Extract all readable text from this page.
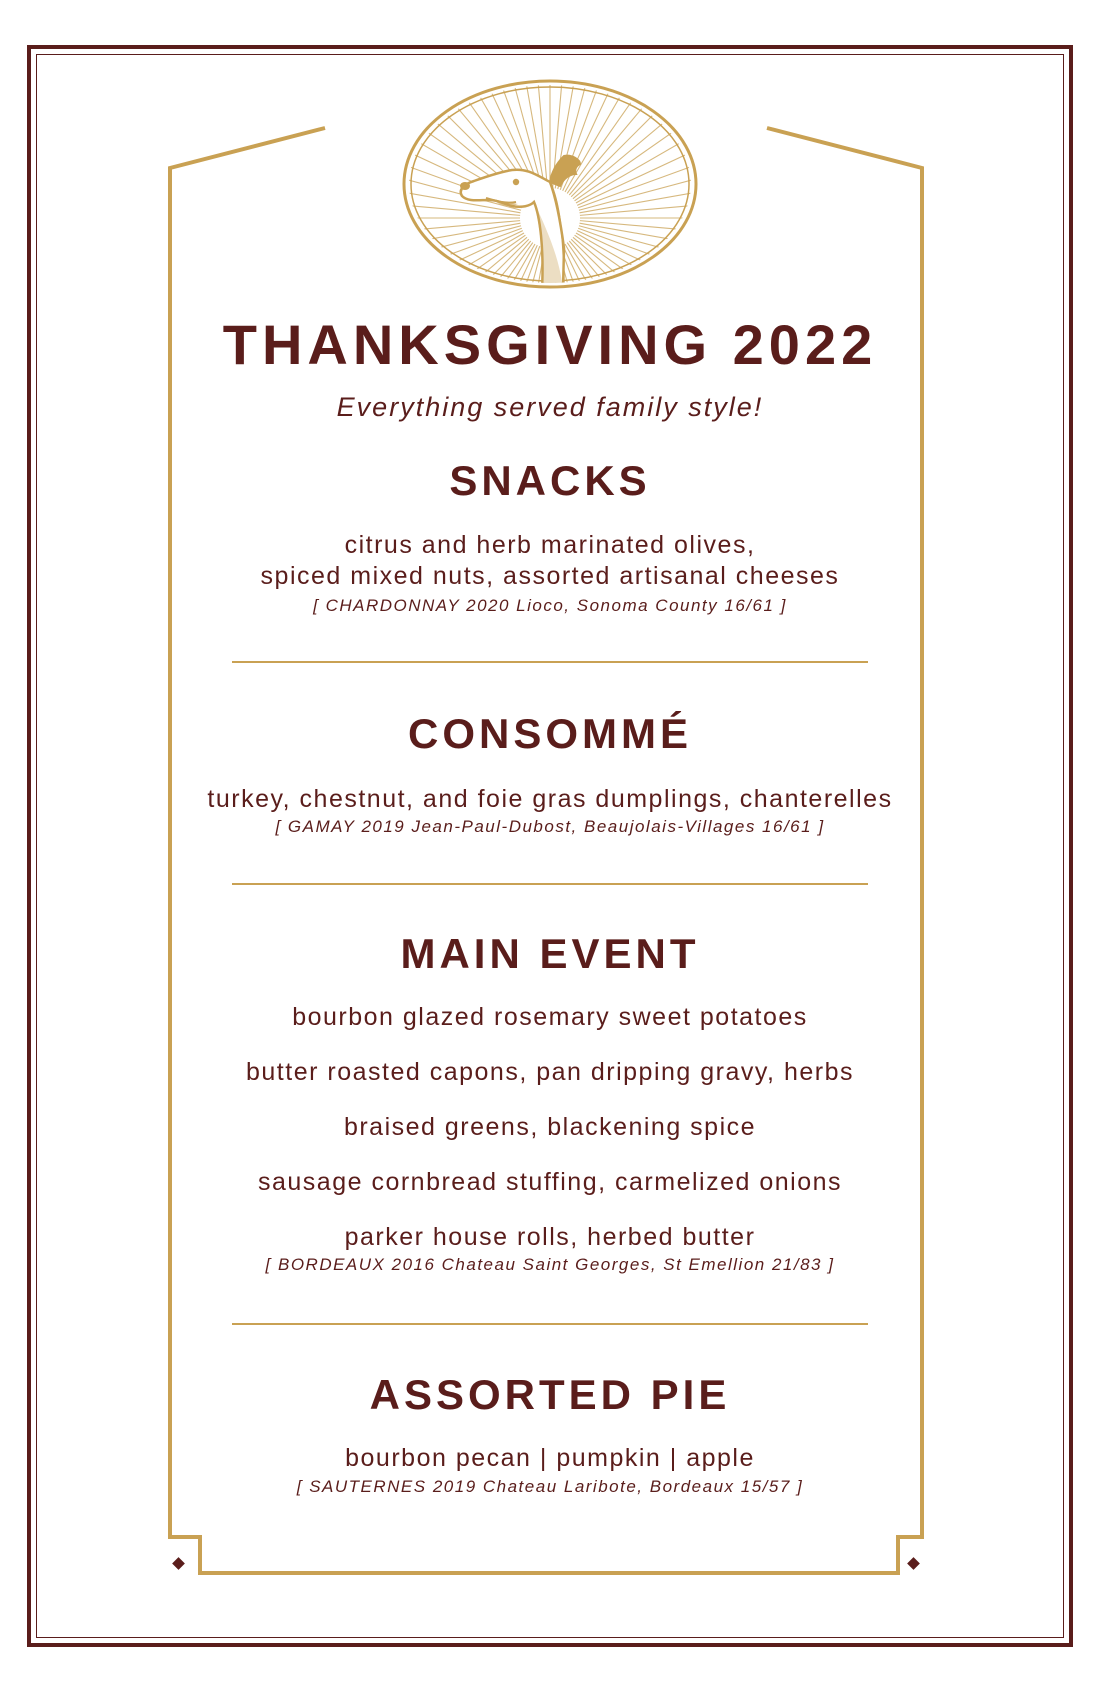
THANKSGIVING 2022
Everything served family style!
SNACKS
citrus and herb marinated olives,
spiced mixed nuts, assorted artisanal cheeses
[ CHARDONNAY 2020 Lioco, Sonoma County 16/61 ]
CONSOMMÉ
turkey, chestnut, and foie gras dumplings, chanterelles
[ GAMAY 2019 Jean-Paul-Dubost, Beaujolais-Villages 16/61 ]
MAIN EVENT
bourbon glazed rosemary sweet potatoes
butter roasted capons, pan dripping gravy, herbs
braised greens, blackening spice
sausage cornbread stuffing, carmelized onions
parker house rolls, herbed butter
[ BORDEAUX 2016 Chateau Saint Georges, St Emellion 21/83 ]
ASSORTED PIE
bourbon pecan | pumpkin | apple
[ SAUTERNES 2019 Chateau Laribote, Bordeaux 15/57 ]
